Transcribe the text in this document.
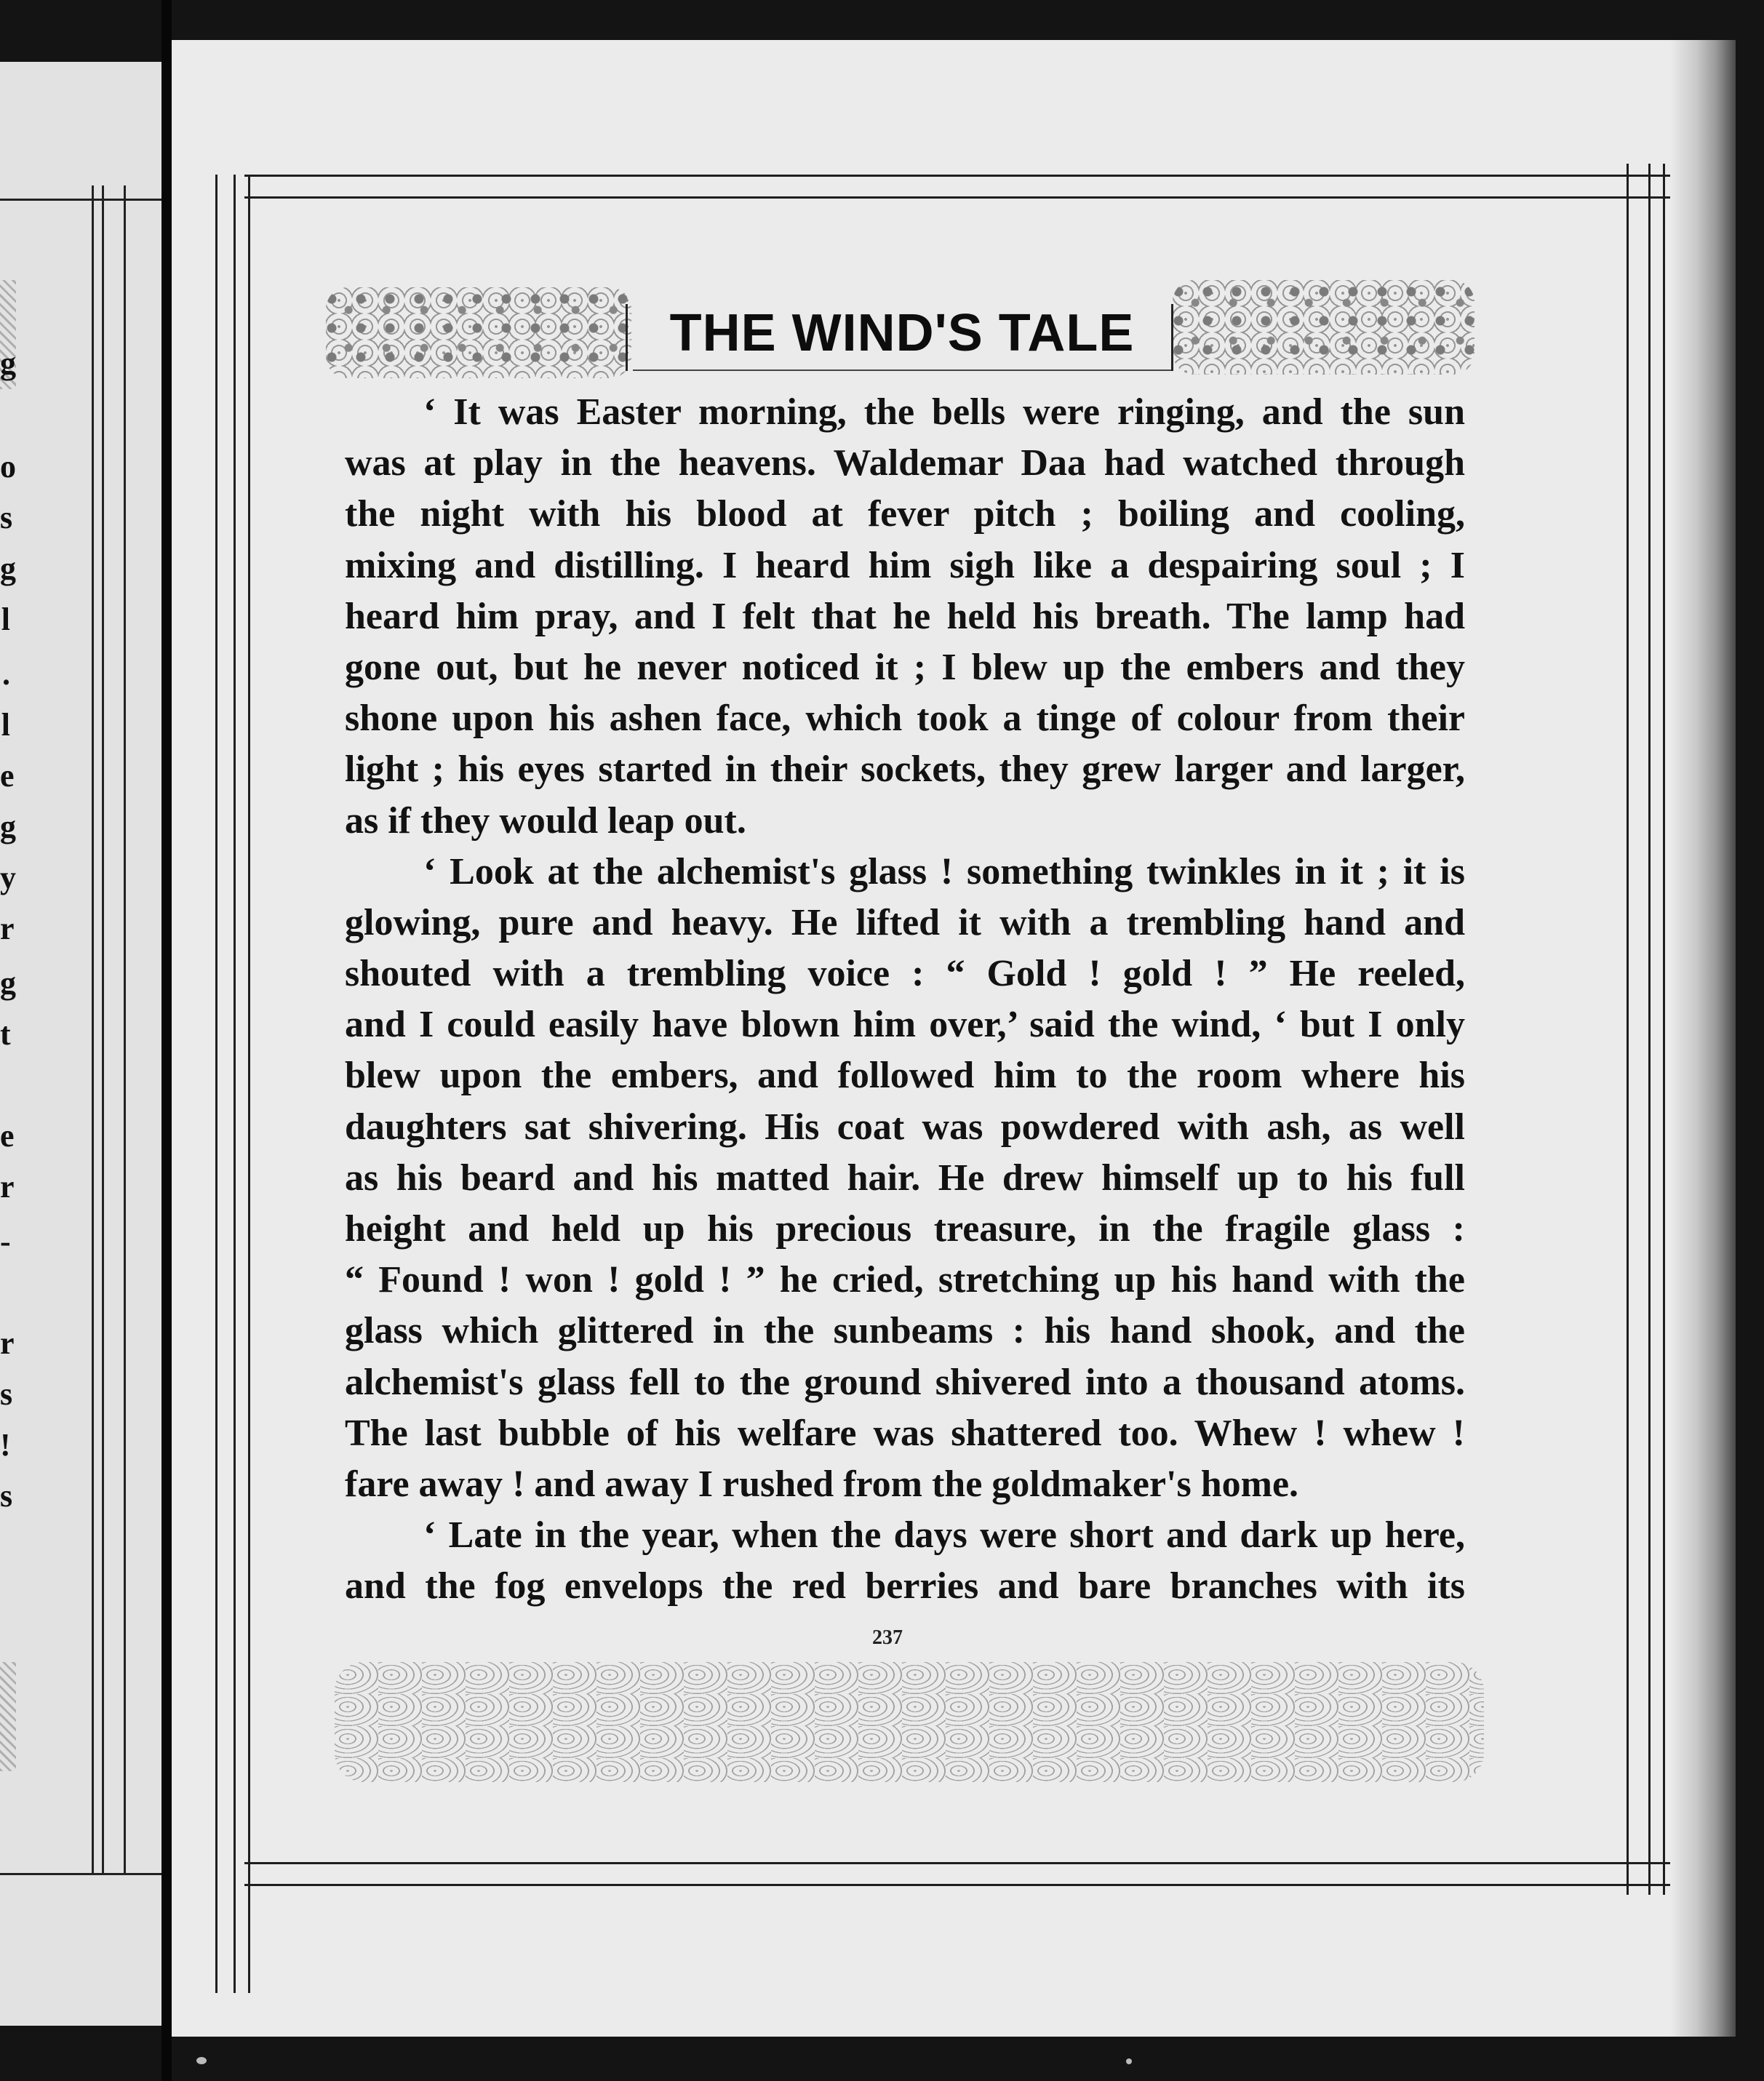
g
o
s
g
l
.
l
e
g
y
r
g
t
e
r
-
r
s
!
s
THE WIND'S TALE
‘ It was Easter morning, the bells were ringing, and the sun
was at play in the heavens. Waldemar Daa had watched through
the night with his blood at fever pitch ; boiling and cooling,
mixing and distilling. I heard him sigh like a despairing soul ; I
heard him pray, and I felt that he held his breath. The lamp had
gone out, but he never noticed it ; I blew up the embers and they
shone upon his ashen face, which took a tinge of colour from their
light ; his eyes started in their sockets, they grew larger and larger,
as if they would leap out.
‘ Look at the alchemist's glass ! something twinkles in it ; it is
glowing, pure and heavy. He lifted it with a trembling hand and
shouted with a trembling voice : “ Gold ! gold ! ” He reeled,
and I could easily have blown him over,’ said the wind, ‘ but I only
blew upon the embers, and followed him to the room where his
daughters sat shivering. His coat was powdered with ash, as well
as his beard and his matted hair. He drew himself up to his full
height and held up his precious treasure, in the fragile glass :
“ Found ! won ! gold ! ” he cried, stretching up his hand with the
glass which glittered in the sunbeams : his hand shook, and the
alchemist's glass fell to the ground shivered into a thousand atoms.
The last bubble of his welfare was shattered too. Whew ! whew !
fare away ! and away I rushed from the goldmaker's home.
‘ Late in the year, when the days were short and dark up here,
and the fog envelops the red berries and bare branches with its
237
